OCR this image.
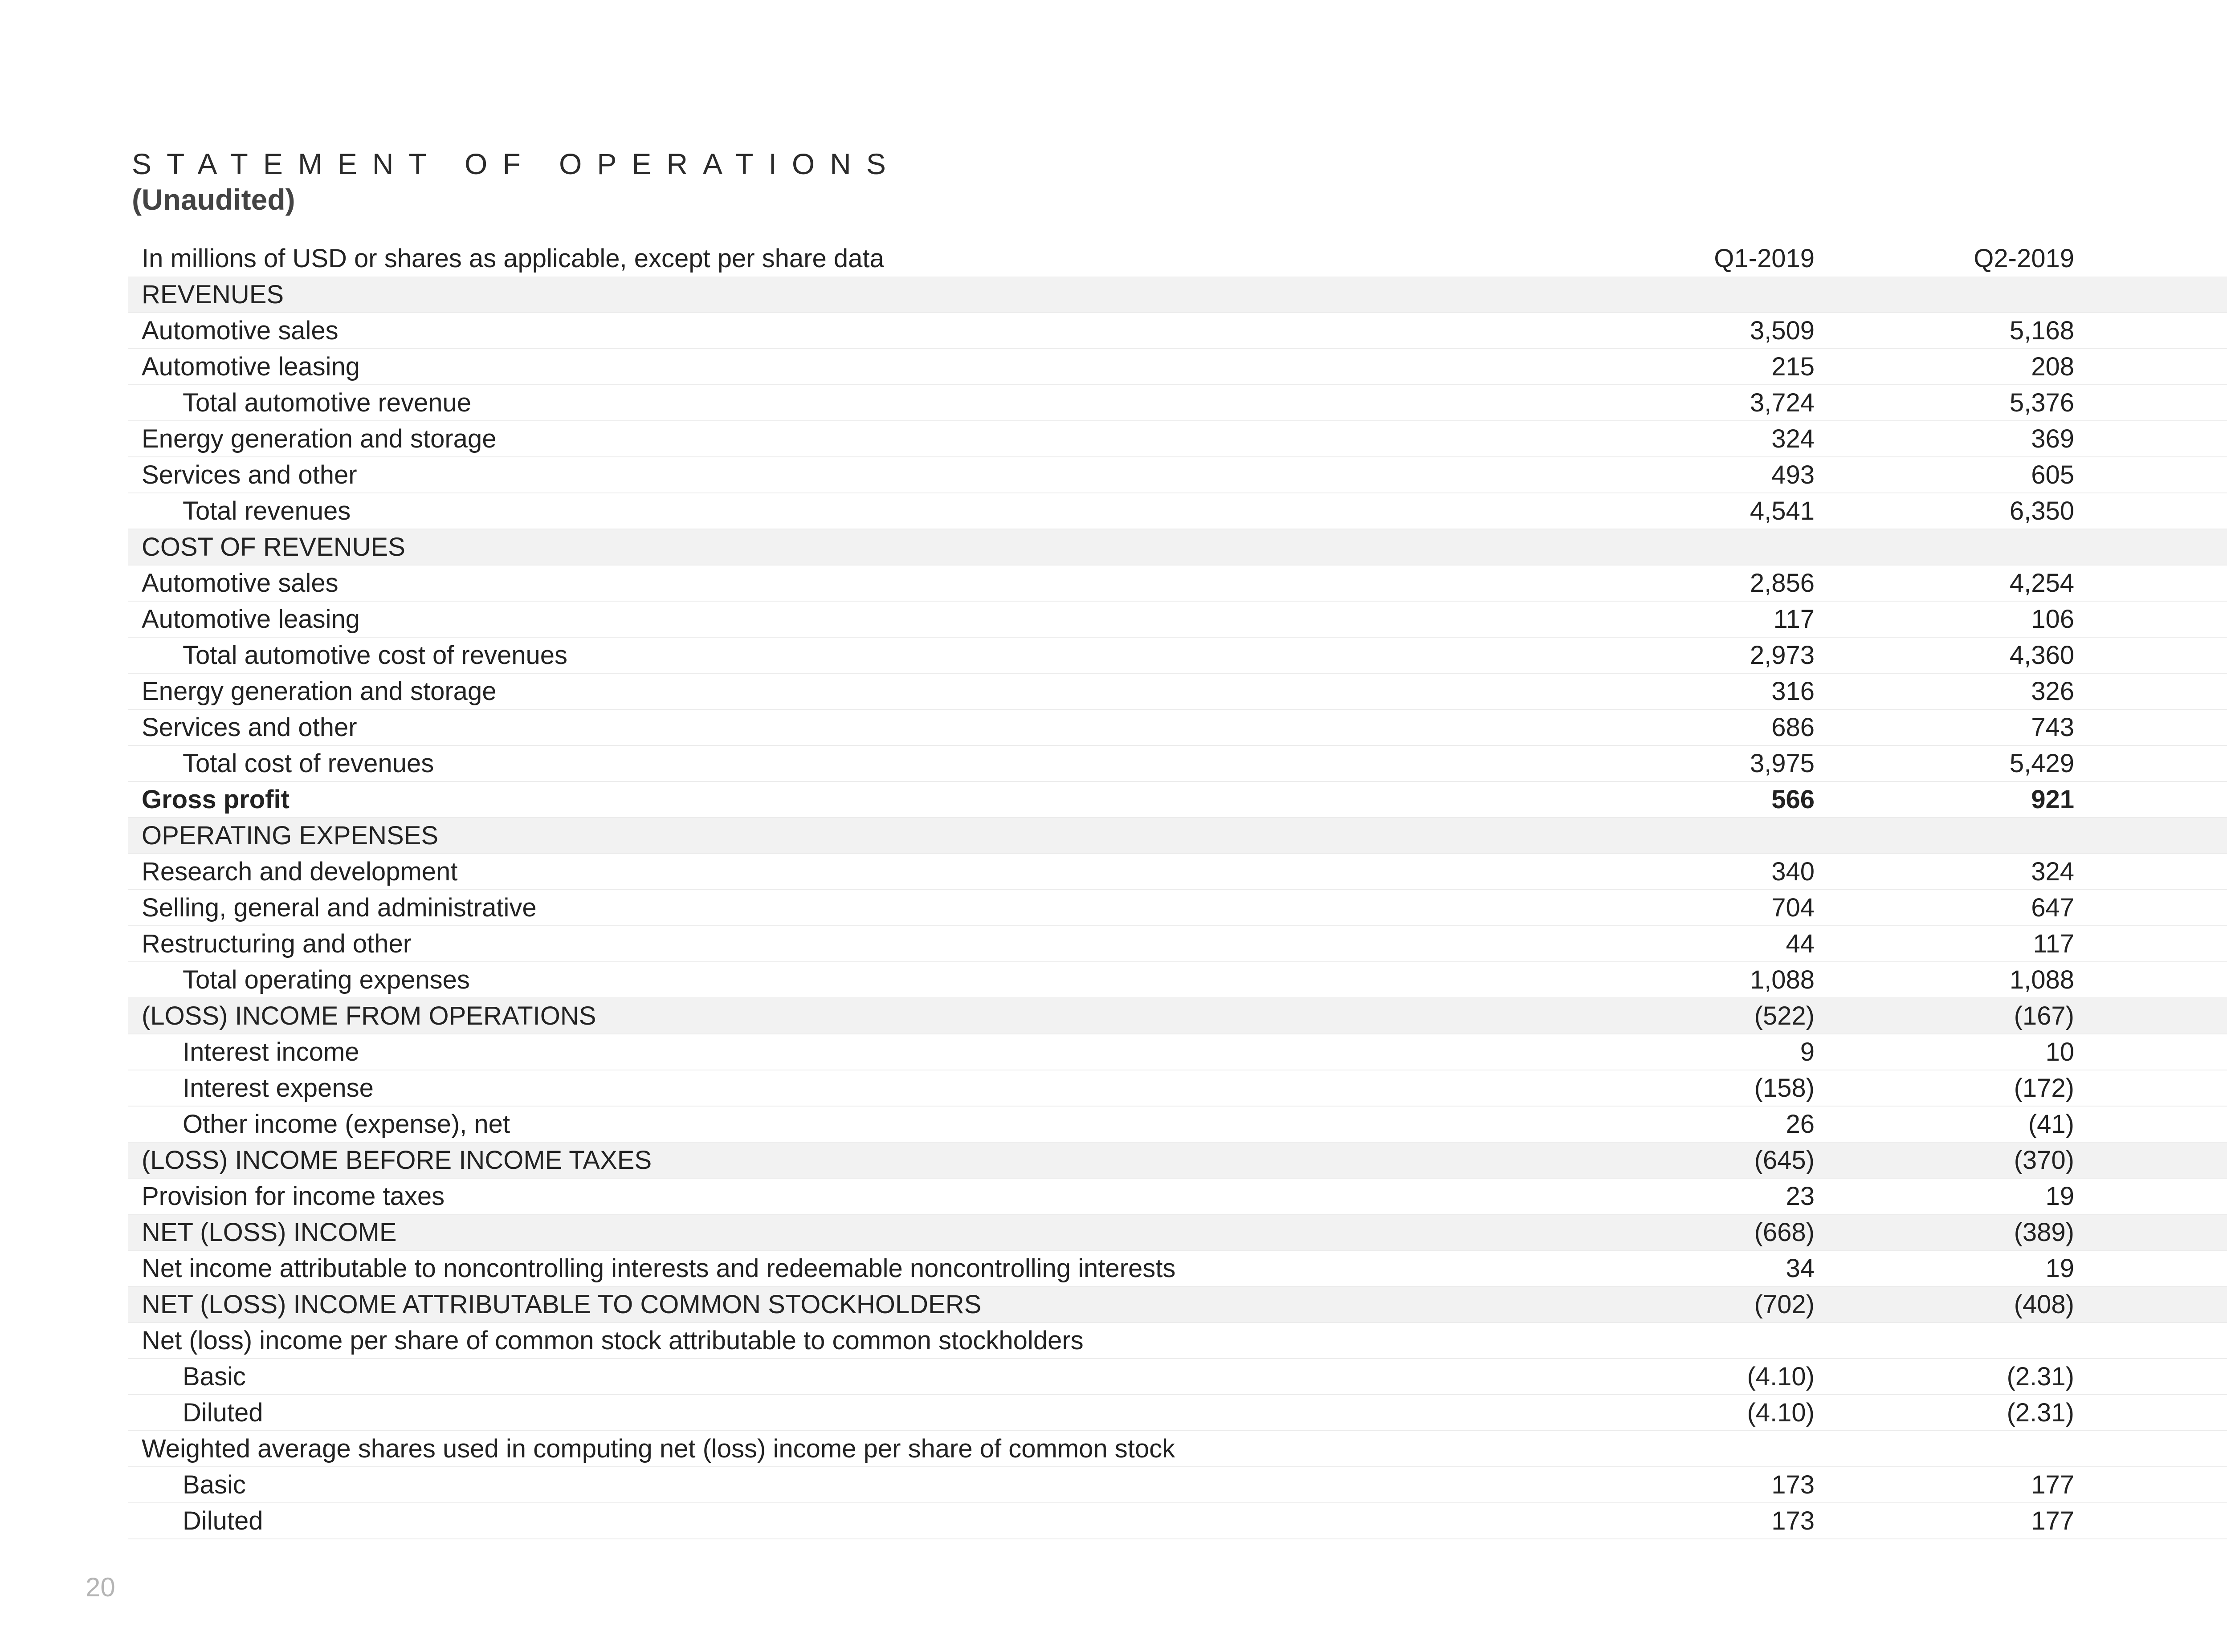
STATEMENT OF OPERATIONS
(Unaudited)
In millions of USD or shares as applicable, except per share data	Q1-2019	Q2-2019			
REVENUES					
Automotive sales	3,509	5,168			
Automotive leasing	215	208			
Total automotive revenue	3,724	5,376			
Energy generation and storage	324	369			
Services and other	493	605			
Total revenues	4,541	6,350			
COST OF REVENUES					
Automotive sales	2,856	4,254			
Automotive leasing	117	106			
Total automotive cost of revenues	2,973	4,360			
Energy generation and storage	316	326			
Services and other	686	743			
Total cost of revenues	3,975	5,429			
Gross profit	566	921			
OPERATING EXPENSES					
Research and development	340	324			
Selling, general and administrative	704	647			
Restructuring and other	44	117			
Total operating expenses	1,088	1,088			
(LOSS) INCOME FROM OPERATIONS	(522)	(167)			
Interest income	9	10			
Interest expense	(158)	(172)			
Other income (expense), net	26	(41)			
(LOSS) INCOME BEFORE INCOME TAXES	(645)	(370)			
Provision for income taxes	23	19			
NET (LOSS) INCOME	(668)	(389)			
Net income attributable to noncontrolling interests and redeemable noncontrolling interests	34	19			
NET (LOSS) INCOME ATTRIBUTABLE TO COMMON STOCKHOLDERS	(702)	(408)			
Net (loss) income per share of common stock attributable to common stockholders					
Basic	(4.10)	(2.31)			
Diluted	(4.10)	(2.31)			
Weighted average shares used in computing net (loss) income per share of common stock					
Basic	173	177			
Diluted	173	177			
20
